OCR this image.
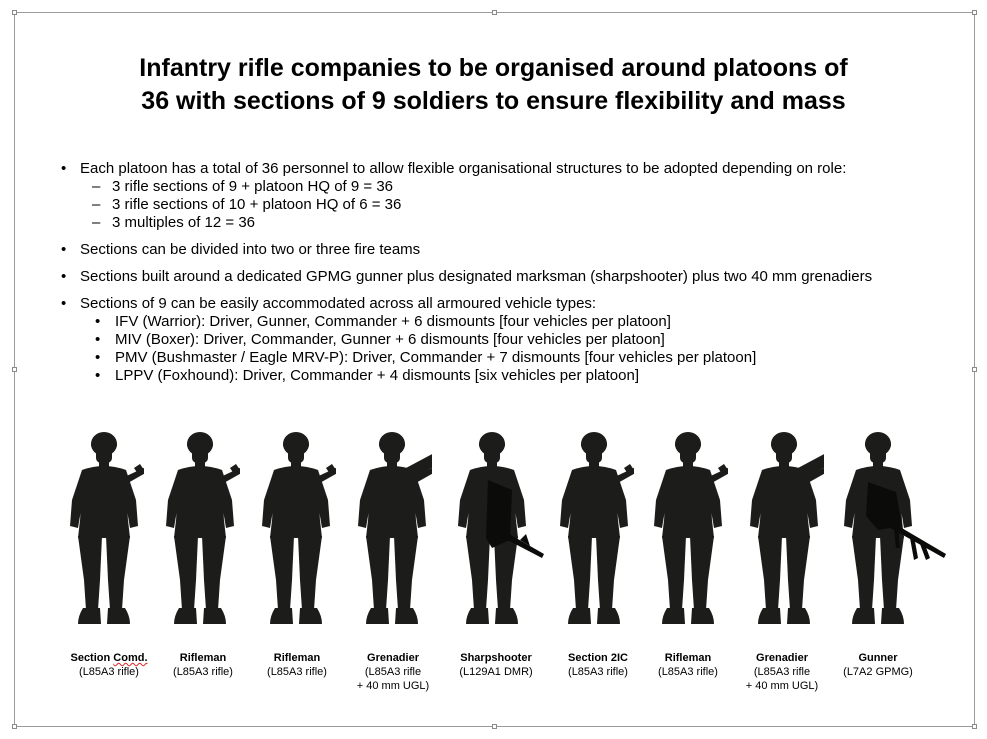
Infantry rifle companies to be organised around platoons of
36 with sections of 9 soldiers to ensure flexibility and mass
• Each platoon has a total of 36 personnel to allow flexible organisational structures to be adopted depending on role:
– 3 rifle sections of 9 + platoon HQ of 9 = 36
– 3 rifle sections of 10 + platoon HQ of 6 = 36
– 3 multiples of 12 = 36
• Sections can be divided into two or three fire teams
• Sections built around a dedicated GPMG gunner plus designated marksman (sharpshooter) plus two 40 mm grenadiers
• Sections of 9 can be easily accommodated across all armoured vehicle types:
• IFV (Warrior): Driver, Gunner, Commander + 6 dismounts [four vehicles per platoon]
• MIV (Boxer): Driver, Commander, Gunner + 6 dismounts [four vehicles per platoon]
• PMV (Bushmaster / Eagle MRV-P): Driver, Commander + 7 dismounts [four vehicles per platoon]
• LPPV (Foxhound): Driver, Commander + 4 dismounts [six vehicles per platoon]
Section Comd.
(L85A3 rifle)
Rifleman
(L85A3 rifle)
Rifleman
(L85A3 rifle)
Grenadier
(L85A3 rifle
+ 40 mm UGL)
Sharpshooter
(L129A1 DMR)
Section 2IC
(L85A3 rifle)
Rifleman
(L85A3 rifle)
Grenadier
(L85A3 rifle
+ 40 mm UGL)
Gunner
(L7A2 GPMG)
